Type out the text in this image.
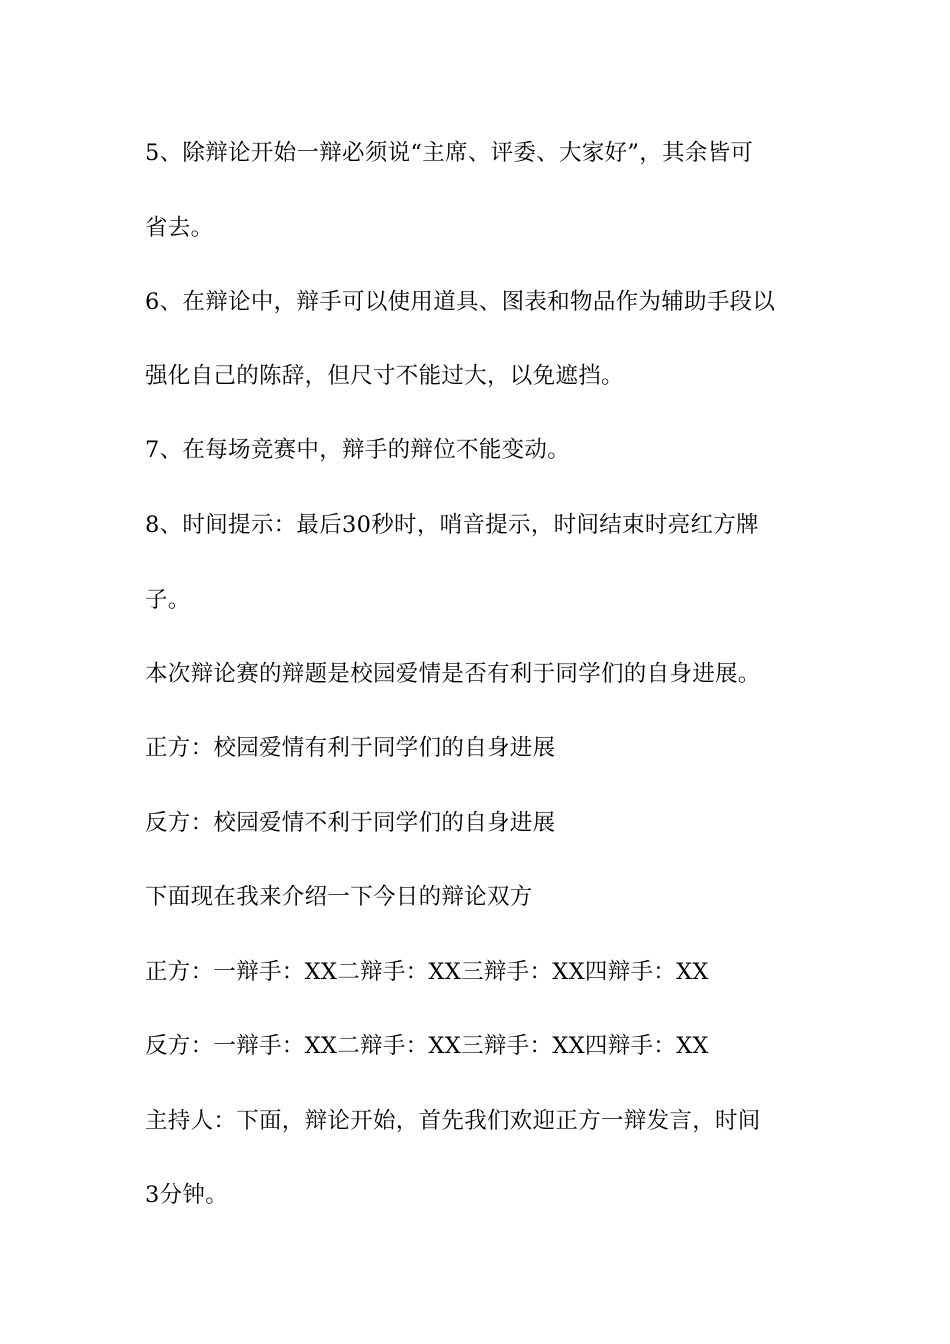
5、除辩论开始一辩必须说“主席、评委、大家好”，其余皆可
省去。
6、在辩论中，辩手可以使用道具、图表和物品作为辅助手段以
强化自己的陈辞，但尺寸不能过大，以免遮挡。
7、在每场竞赛中，辩手的辩位不能变动。
8、时间提示：最后30秒时，哨音提示，时间结束时亮红方牌
子。
本次辩论赛的辩题是校园爱情是否有利于同学们的自身进展。
正方：校园爱情有利于同学们的自身进展
反方：校园爱情不利于同学们的自身进展
下面现在我来介绍一下今日的辩论双方
正方：一辩手：XX二辩手：XX三辩手：XX四辩手：XX
反方：一辩手：XX二辩手：XX三辩手：XX四辩手：XX
主持人：下面，辩论开始，首先我们欢迎正方一辩发言，时间
3分钟。
